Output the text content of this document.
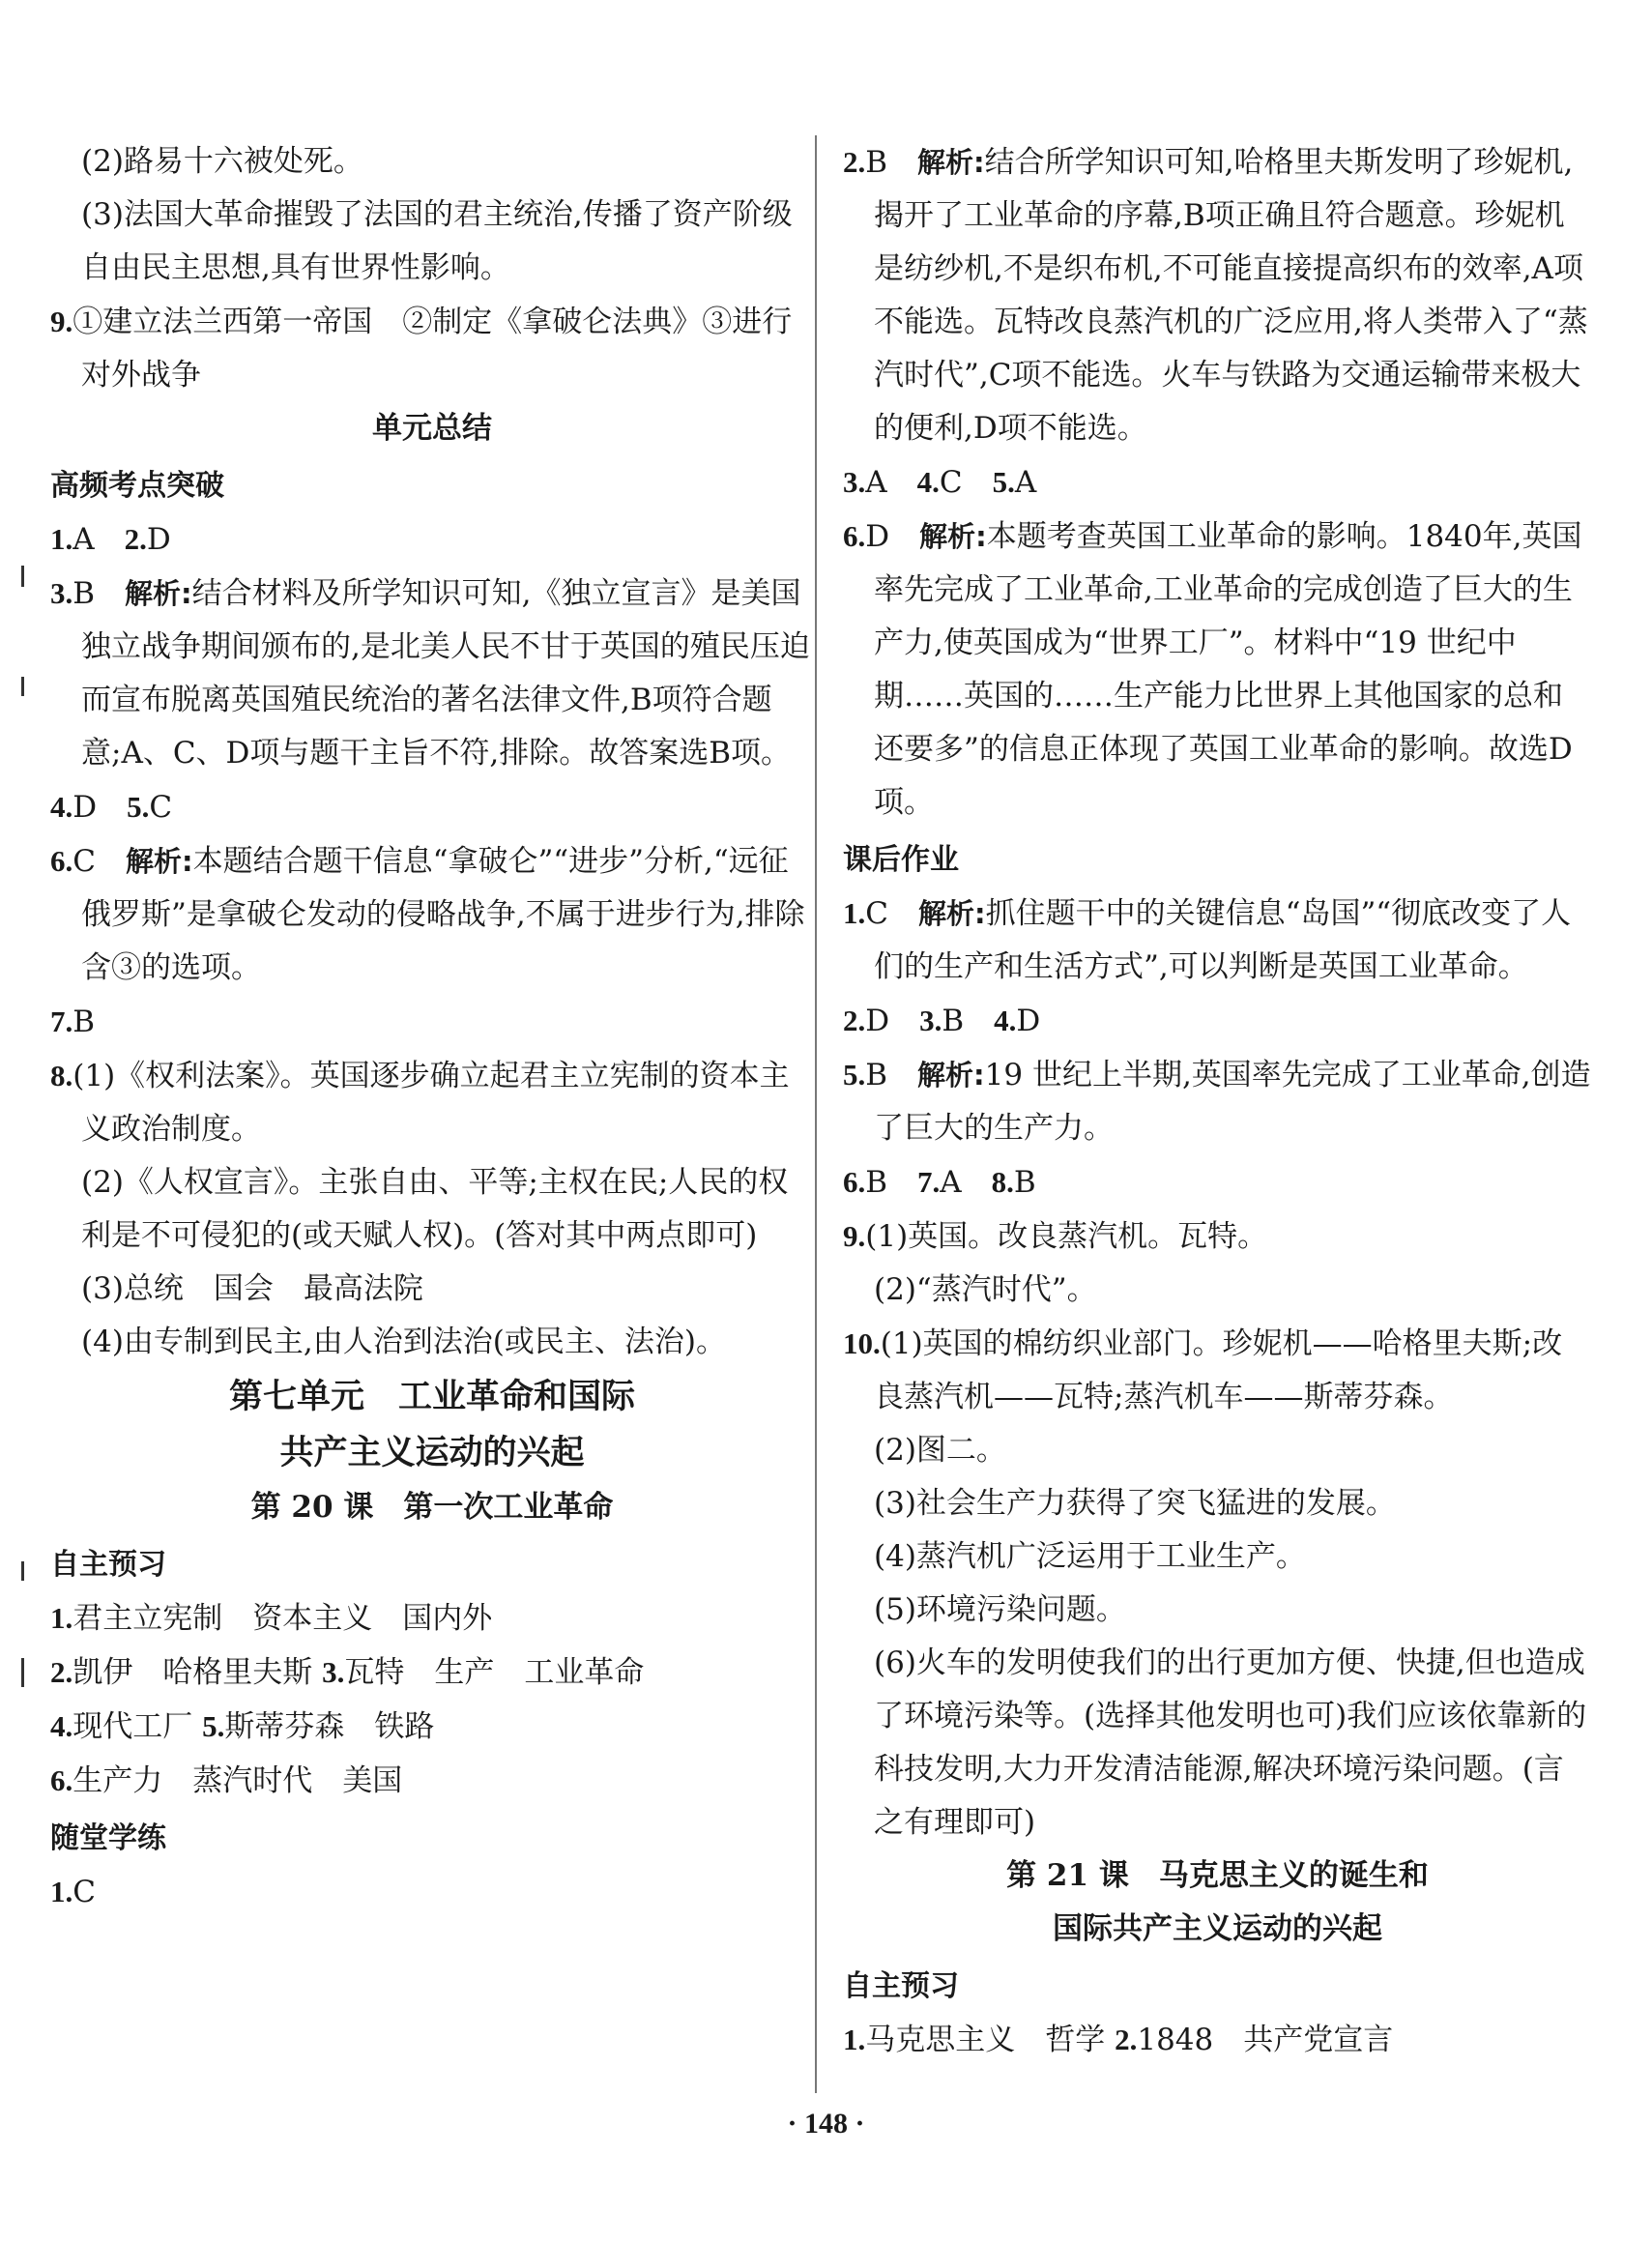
(2)路易十六被处死。
(3)法国大革命摧毁了法国的君主统治,传播了资产阶级自由民主思想,具有世界性影响。
9.①建立法兰西第一帝国　②制定《拿破仑法典》③进行对外战争
单元总结
高频考点突破
1.A　2.D
3.B　解析:结合材料及所学知识可知,《独立宣言》是美国独立战争期间颁布的,是北美人民不甘于英国的殖民压迫而宣布脱离英国殖民统治的著名法律文件,B项符合题意;A、C、D项与题干主旨不符,排除。故答案选B项。
4.D　5.C
6.C　解析:本题结合题干信息“拿破仑”“进步”分析,“远征俄罗斯”是拿破仑发动的侵略战争,不属于进步行为,排除含③的选项。
7.B
8.(1)《权利法案》。英国逐步确立起君主立宪制的资本主义政治制度。
(2)《人权宣言》。主张自由、平等;主权在民;人民的权利是不可侵犯的(或天赋人权)。(答对其中两点即可)
(3)总统　国会　最高法院
(4)由专制到民主,由人治到法治(或民主、法治)。
第七单元　工业革命和国际
共产主义运动的兴起
第 20 课　第一次工业革命
自主预习
1.君主立宪制　资本主义　国内外
2.凯伊　哈格里夫斯 3.瓦特　生产　工业革命
4.现代工厂 5.斯蒂芬森　铁路
6.生产力　蒸汽时代　美国
随堂学练
1.C
2.B　解析:结合所学知识可知,哈格里夫斯发明了珍妮机,揭开了工业革命的序幕,B项正确且符合题意。珍妮机是纺纱机,不是织布机,不可能直接提高织布的效率,A项不能选。瓦特改良蒸汽机的广泛应用,将人类带入了“蒸汽时代”,C项不能选。火车与铁路为交通运输带来极大的便利,D项不能选。
3.A　4.C　5.A
6.D　解析:本题考查英国工业革命的影响。1840年,英国率先完成了工业革命,工业革命的完成创造了巨大的生产力,使英国成为“世界工厂”。材料中“19 世纪中期……英国的……生产能力比世界上其他国家的总和还要多”的信息正体现了英国工业革命的影响。故选D项。
课后作业
1.C　解析:抓住题干中的关键信息“岛国”“彻底改变了人们的生产和生活方式”,可以判断是英国工业革命。
2.D　3.B　4.D
5.B　解析:19 世纪上半期,英国率先完成了工业革命,创造了巨大的生产力。
6.B　7.A　8.B
9.(1)英国。改良蒸汽机。瓦特。
(2)“蒸汽时代”。
10.(1)英国的棉纺织业部门。珍妮机——哈格里夫斯;改良蒸汽机——瓦特;蒸汽机车——斯蒂芬森。
(2)图二。
(3)社会生产力获得了突飞猛进的发展。
(4)蒸汽机广泛运用于工业生产。
(5)环境污染问题。
(6)火车的发明使我们的出行更加方便、快捷,但也造成了环境污染等。(选择其他发明也可)我们应该依靠新的科技发明,大力开发清洁能源,解决环境污染问题。(言之有理即可)
第 21 课　马克思主义的诞生和
国际共产主义运动的兴起
自主预习
1.马克思主义　哲学 2.1848　共产党宣言
· 148 ·
